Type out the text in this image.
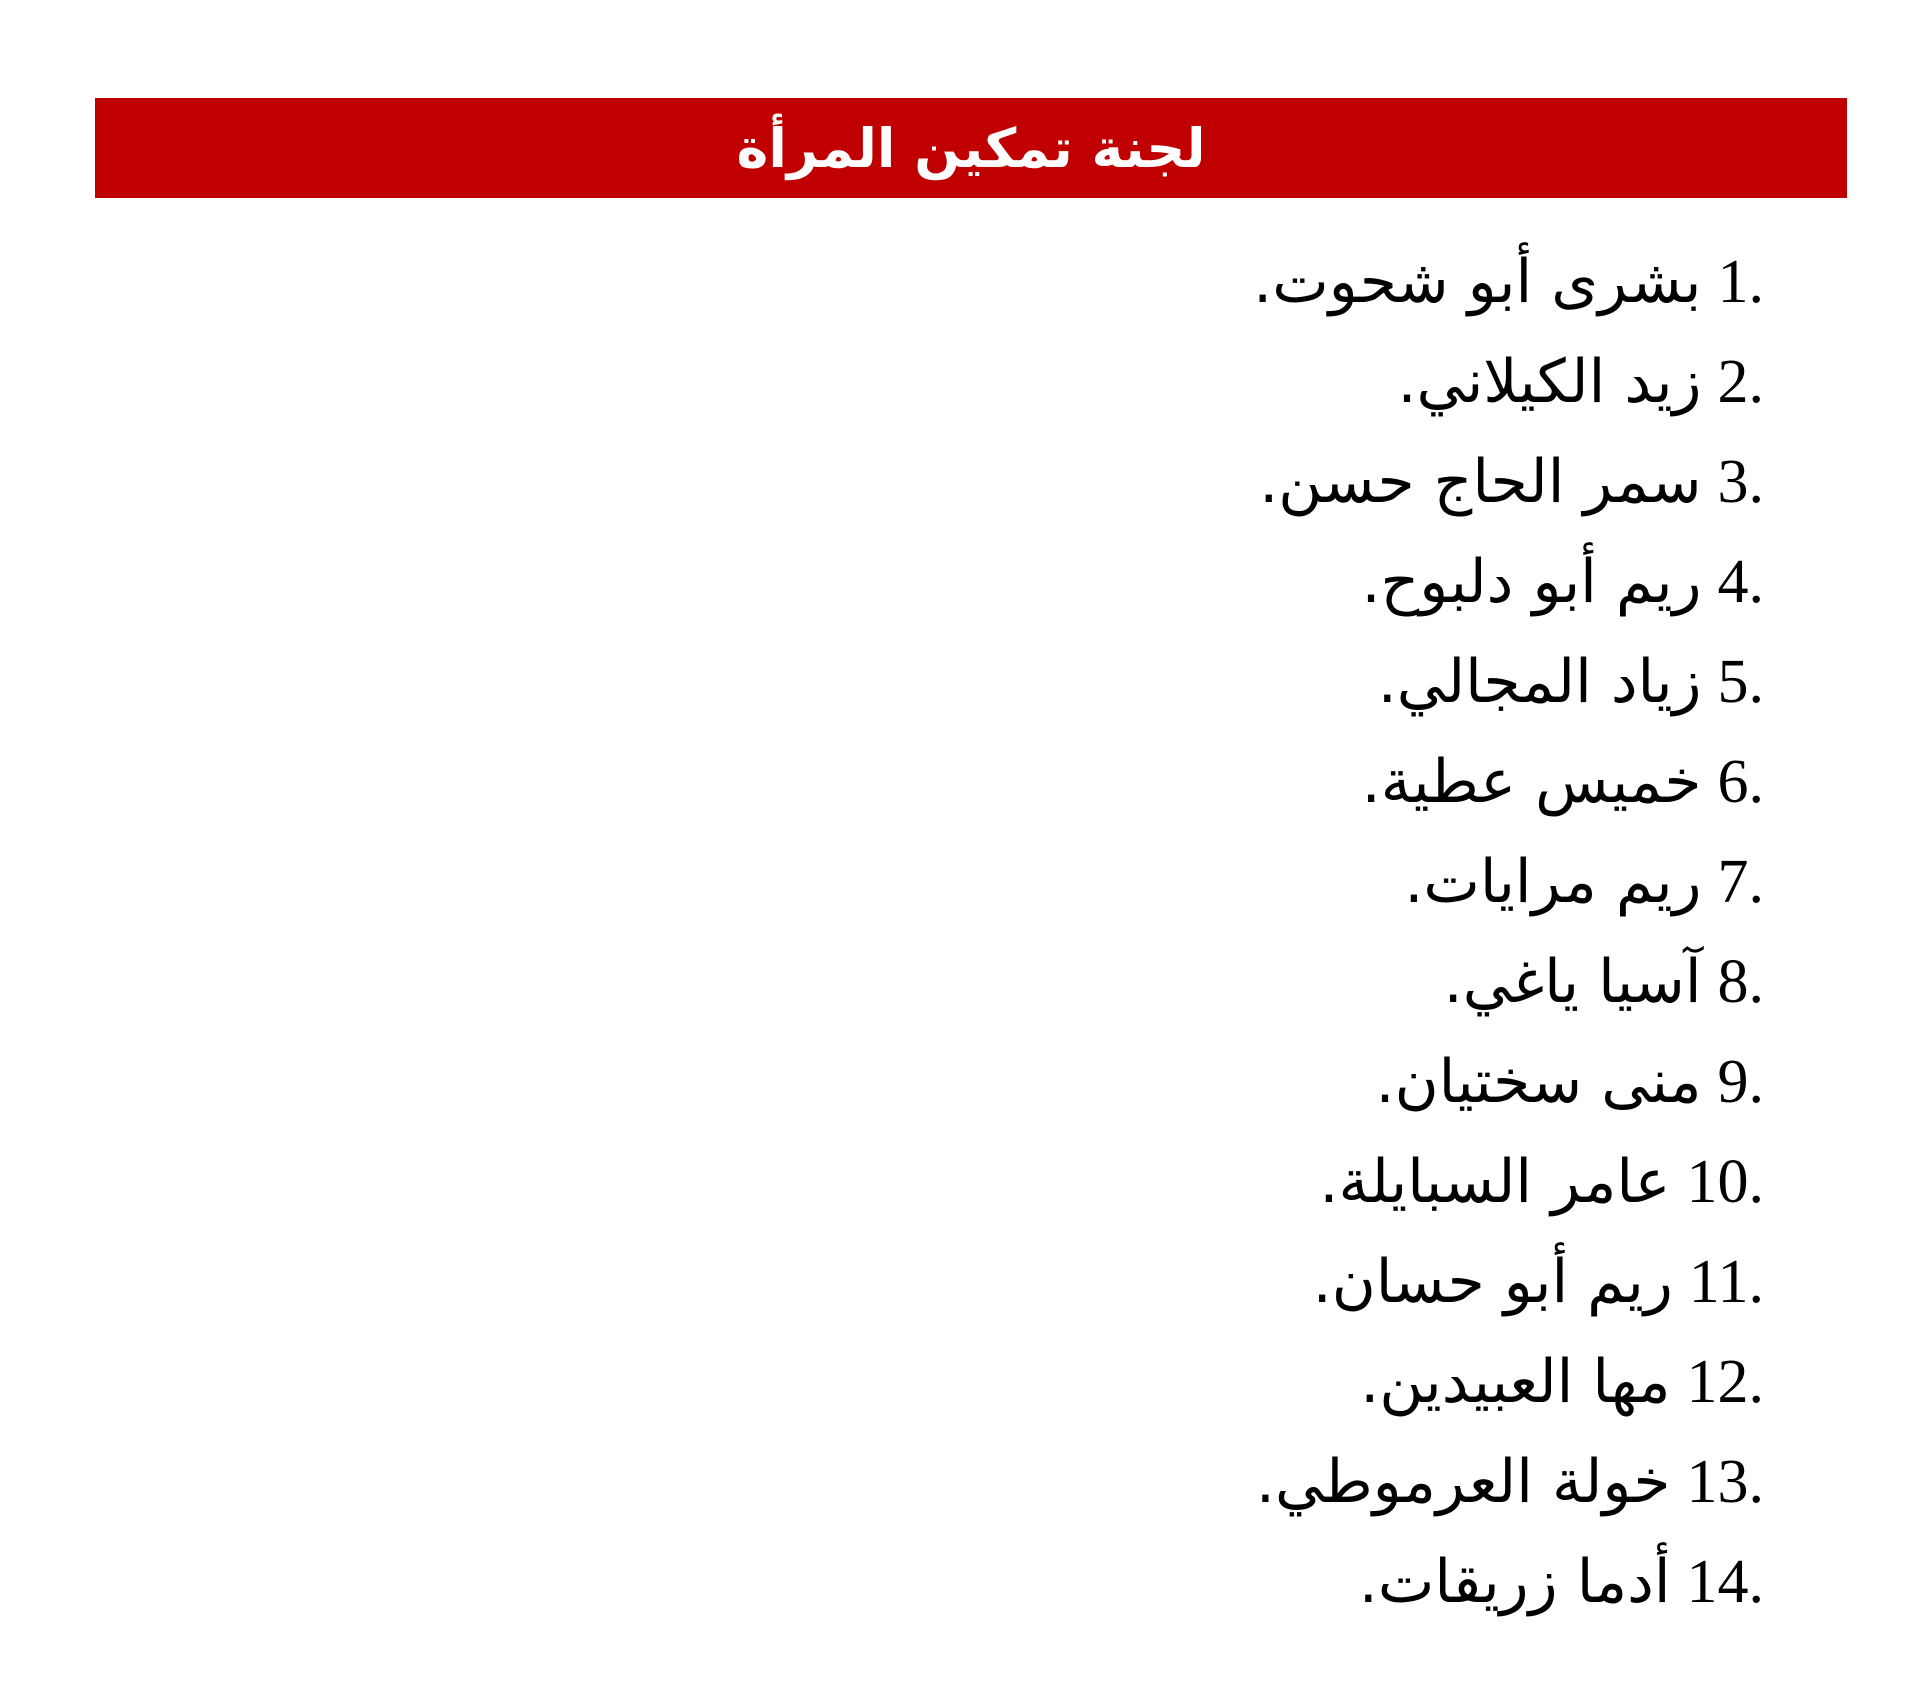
لجنة تمكين المرأة
1.
بشرى أبو شحوت.
2.
زيد الكيلاني.
3.
سمر الحاج حسن.
4.
ريم أبو دلبوح.
5.
زياد المجالي.
6.
خميس عطية.
7.
ريم مرايات.
8.
آسيا ياغي.
9.
منى سختيان.
10.
عامر السبايلة.
11.
ريم أبو حسان.
12.
مها العبيدين.
13.
خولة العرموطي.
14.
أدما زريقات.
